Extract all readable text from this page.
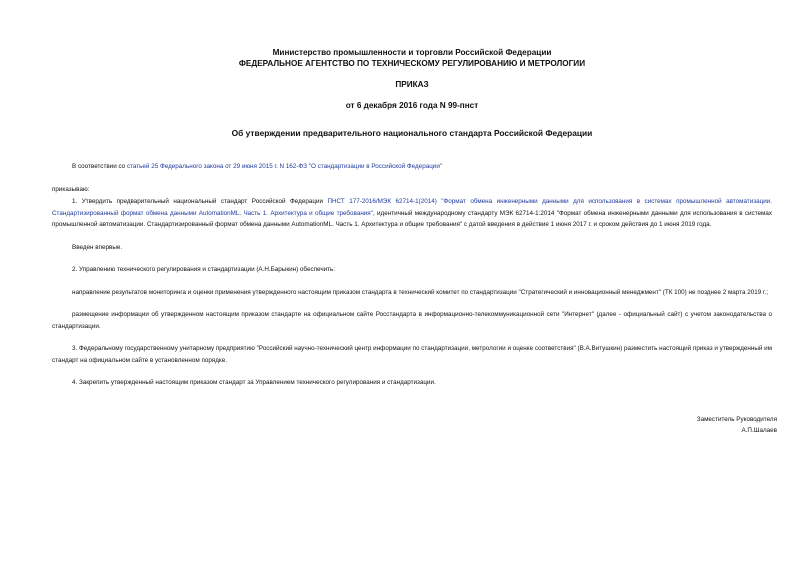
Министерство промышленности и торговли Российской Федерации
ФЕДЕРАЛЬНОЕ АГЕНТСТВО ПО ТЕХНИЧЕСКОМУ РЕГУЛИРОВАНИЮ И МЕТРОЛОГИИ
ПРИКАЗ
от 6 декабря 2016 года N 99-пнст
Об утверждении предварительного национального стандарта Российской Федерации

В соответствии со статьей 25 Федерального закона от 29 июня 2015 г. N 162-ФЗ "О стандартизации в Российской Федерации"

приказываю:

1. Утвердить предварительный национальный стандарт Российской Федерации ПНСТ 177-2016/МЭК 62714-1(2014) "Формат обмена инженерными данными для использования в системах промышленной автоматизации. Стандартизированный формат обмена данными AutomationML. Часть 1. Архитектура и общие требования", идентичный международному стандарту МЭК 62714-1:2014 "Формат обмена инженерными данными для использования в системах промышленной автоматизации. Стандартизированный формат обмена данными AutomationML. Часть 1. Архитектура и общие требования" с датой введения в действие 1 июня 2017 г. и сроком действия до 1 июня 2019 года.

Введен впервые.

2. Управлению технического регулирования и стандартизации (А.Н.Барыкин) обеспечить:

направление результатов мониторинга и оценки применения утвержденного настоящим приказом стандарта в технический комитет по стандартизации "Стратегический и инновационный менеджмент" (ТК 100) не позднее 2 марта 2019 г.;

размещение информации об утвержденном настоящим приказом стандарте на официальном сайте Росстандарта в информационно-телекоммуникационной сети "Интернет" (далее - официальный сайт) с учетом законодательства о стандартизации.

3. Федеральному государственному унитарному предприятию "Российский научно-технический центр информации по стандартизации, метрологии и оценке соответствия" (В.А.Витушкин) разместить настоящий приказ и утвержденный им стандарт на официальном сайте в установленном порядке.

4. Закрепить утвержденный настоящим приказом стандарт за Управлением технического регулирования и стандартизации.

Заместитель Руководителя
А.П.Шалаев
